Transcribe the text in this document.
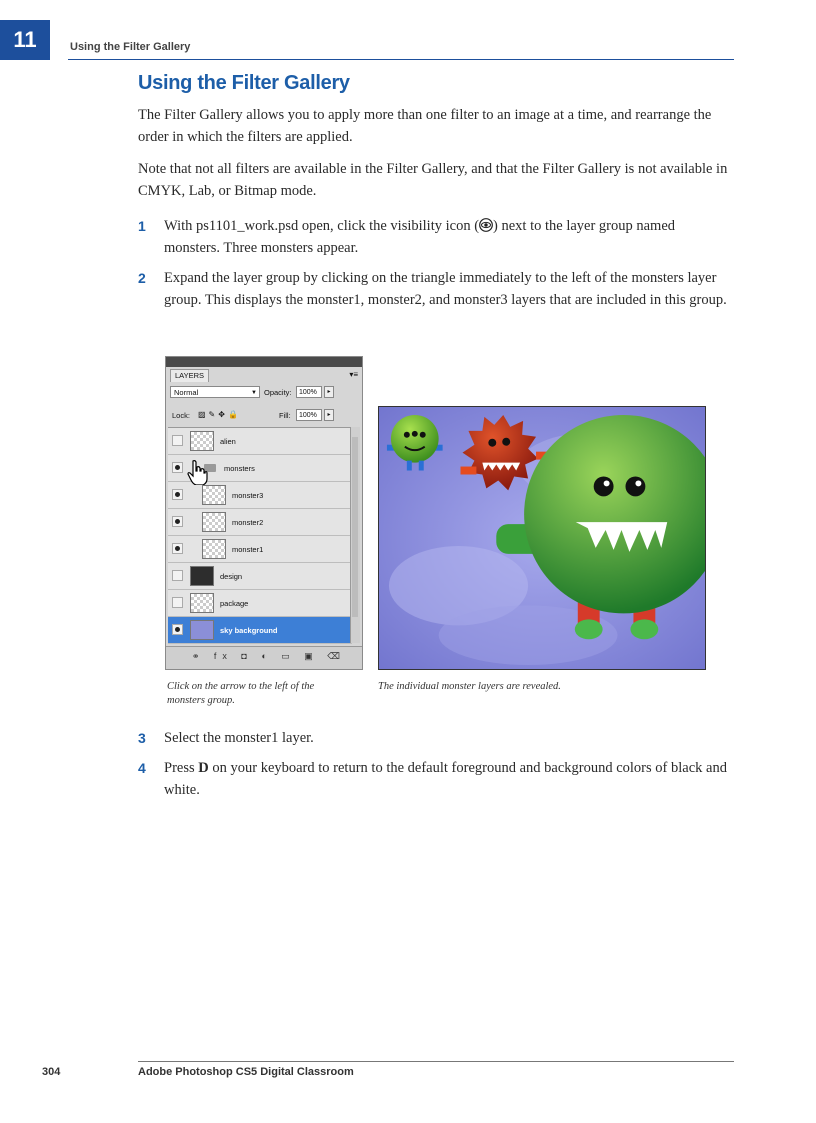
11	Using the Filter Gallery
Using the Filter Gallery

The Filter Gallery allows you to apply more than one filter to an image at a time, and rearrange the order in which the filters are applied.

Note that not all filters are available in the Filter Gallery, and that the Filter Gallery is not available in CMYK, Lab, or Bitmap mode.

1 With ps1101_work.psd open, click the visibility icon ( ) next to the layer group named monsters. Three monsters appear.

2 Expand the layer group by clicking on the triangle immediately to the left of the monsters layer group. This displays the monster1, monster2, and monster3 layers that are included in this group.

LAYERS	▾≡
Normal	▼ Opacity:	100%	▸
Lock: ▨✎✥🔒	Fill:	100%	▸
alien
monsters
monster3
monster2
monster1
design
package
sky background
⚭ fx ◘ ◐ ▭ ▣ ⌫

Click on the arrow to the left of the monsters group.

The individual monster layers are revealed.

3 Select the monster1 layer.

4 Press D on your keyboard to return to the default foreground and background colors of black and white.

304	Adobe Photoshop CS5 Digital Classroom
